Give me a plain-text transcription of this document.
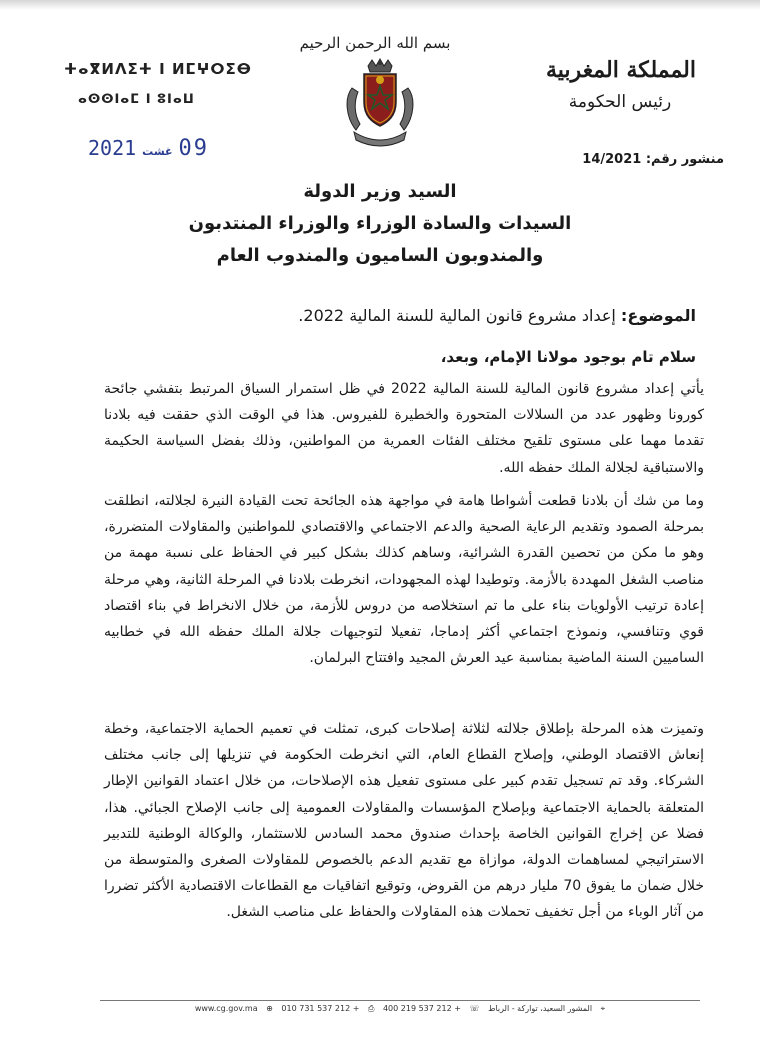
ⵜⴰⴳⵍⴷⵉⵜ ⵏ ⵍⵎⵖⵔⵉⴱ
ⴰⵙⵙⵏⴰⵎ ⵏ ⵓⵏⴰⵡ
بسم الله الرحمن الرحيم
المملكة المغربية
رئيس الحكومة
2021 غشت 09	منشور رقم: 14/2021
السيد وزير الدولة
السيدات والسادة الوزراء والوزراء المنتدبون
والمندوبون الساميون والمندوب العام
الموضوع: إعداد مشروع قانون المالية للسنة المالية 2022.
سلام تام بوجود مولانا الإمام، وبعد،
يأتي إعداد مشروع قانون المالية للسنة المالية 2022 في ظل استمرار السياق المرتبط بتفشي جائحة كورونا وظهور عدد من السلالات المتحورة والخطيرة للفيروس. هذا في الوقت الذي حققت فيه بلادنا تقدما مهما على مستوى تلقيح مختلف الفئات العمرية من المواطنين، وذلك بفضل السياسة الحكيمة والاستباقية لجلالة الملك حفظه الله.
وما من شك أن بلادنا قطعت أشواطا هامة في مواجهة هذه الجائحة تحت القيادة النيرة لجلالته، انطلقت بمرحلة الصمود وتقديم الرعاية الصحية والدعم الاجتماعي والاقتصادي للمواطنين والمقاولات المتضررة، وهو ما مكن من تحصين القدرة الشرائية، وساهم كذلك بشكل كبير في الحفاظ على نسبة مهمة من مناصب الشغل المهددة بالأزمة. وتوطيدا لهذه المجهودات، انخرطت بلادنا في المرحلة الثانية، وهي مرحلة إعادة ترتيب الأولويات بناء على ما تم استخلاصه من دروس للأزمة، من خلال الانخراط في بناء اقتصاد قوي وتنافسي، ونموذج اجتماعي أكثر إدماجا، تفعيلا لتوجيهات جلالة الملك حفظه الله في خطابيه الساميين السنة الماضية بمناسبة عيد العرش المجيد وافتتاح البرلمان.
وتميزت هذه المرحلة بإطلاق جلالته لثلاثة إصلاحات كبرى، تمثلت في تعميم الحماية الاجتماعية، وخطة إنعاش الاقتصاد الوطني، وإصلاح القطاع العام، التي انخرطت الحكومة في تنزيلها إلى جانب مختلف الشركاء. وقد تم تسجيل تقدم كبير على مستوى تفعيل هذه الإصلاحات، من خلال اعتماد القوانين الإطار المتعلقة بالحماية الاجتماعية وبإصلاح المؤسسات والمقاولات العمومية إلى جانب الإصلاح الجبائي. هذا، فضلا عن إخراج القوانين الخاصة بإحداث صندوق محمد السادس للاستثمار، والوكالة الوطنية للتدبير الاستراتيجي لمساهمات الدولة، موازاة مع تقديم الدعم بالخصوص للمقاولات الصغرى والمتوسطة من خلال ضمان ما يفوق 70 مليار درهم من القروض، وتوقيع اتفاقيات مع القطاعات الاقتصادية الأكثر تضررا من آثار الوباء من أجل تخفيف تحملات هذه المقاولات والحفاظ على مناصب الشغل.
⌖ المشور السعيد، تواركة - الرباط ☏ + 212 537 219 400 ⎙ + 212 537 731 010 ⊕ www.cg.gov.ma
